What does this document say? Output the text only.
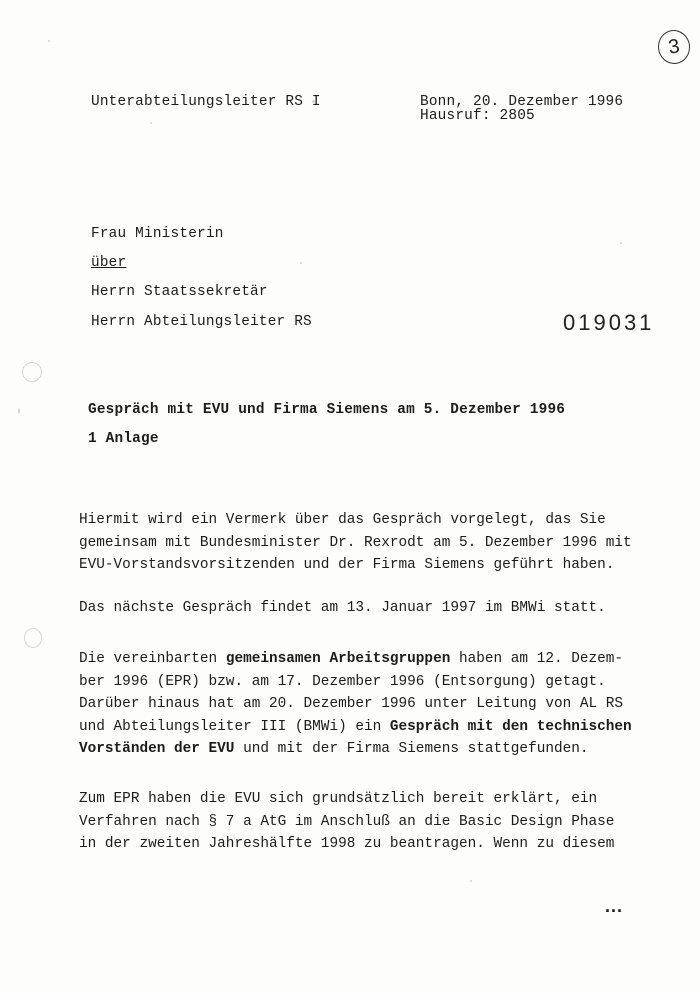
3
Unterabteilungsleiter RS I	Bonn, 20. Dezember 1996
Hausruf: 2805
Frau Ministerin
über
Herrn Staatssekretär
Herrn Abteilungsleiter RS	019031
Gespräch mit EVU und Firma Siemens am 5. Dezember 1996
1 Anlage
Hiermit wird ein Vermerk über das Gespräch vorgelegt, das Sie
gemeinsam mit Bundesminister Dr. Rexrodt am 5. Dezember 1996 mit
EVU-Vorstandsvorsitzenden und der Firma Siemens geführt haben.
Das nächste Gespräch findet am 13. Januar 1997 im BMWi statt.
Die vereinbarten gemeinsamen Arbeitsgruppen haben am 12. Dezem-
ber 1996 (EPR) bzw. am 17. Dezember 1996 (Entsorgung) getagt.
Darüber hinaus hat am 20. Dezember 1996 unter Leitung von AL RS
und Abteilungsleiter III (BMWi) ein Gespräch mit den technischen
Vorständen der EVU und mit der Firma Siemens stattgefunden.
Zum EPR haben die EVU sich grundsätzlich bereit erklärt, ein
Verfahren nach § 7 a AtG im Anschluß an die Basic Design Phase
in der zweiten Jahreshälfte 1998 zu beantragen. Wenn zu diesem
...
